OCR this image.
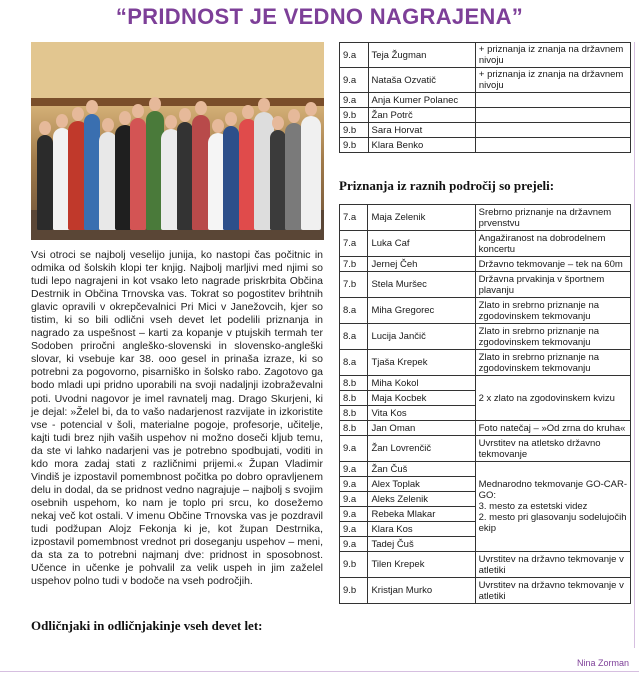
“PRIDNOST JE VEDNO NAGRAJENA”
Vsi otroci se najbolj veselijo junija, ko nastopi čas počitnic in odmika od šolskih klopi ter knjig. Najbolj marljivi med njimi so tudi lepo nagrajeni in kot vsako leto nagrade priskrbita Občina Destrnik in Občina Trnovska vas. Tokrat so pogostitev brihtnih glavic opravili v okrepčevalnici Pri Mici v Janežovcih, kjer so tistim, ki so bili odlični vseh devet let podelili priznanja in nagrado za uspešnost – karti za kopanje v ptujskih termah ter Sodoben priročni angleško-slovenski in slovensko-angleški slovar, ki vsebuje kar 38. ooo gesel in prinaša izraze, ki so potrebni za pogovorno, pisarniško in šolsko rabo. Zagotovo ga bodo mladi upi pridno uporabili na svoji nadaljnji izobraževalni poti. Uvodni nagovor je imel ravnatelj mag. Drago Skurjeni, ki je dejal: »Želel bi, da to vašo nadarjenost razvijate in izkoristite vse - potencial v šoli, materialne pogoje, profesorje, učitelje, kajti tudi brez njih vaših uspehov ni možno doseči kljub temu, da ste vi lahko nadarjeni vas je potrebno spodbujati, voditi in kdo mora zadaj stati z različnimi prijemi.« Župan Vladimir Vindiš je izpostavil pomembnost počitka po dobro opravljenem delu in dodal, da se pridnost vedno nagrajuje – najbolj s svojim osebnih uspehom, ko nam je toplo pri srcu, ko dosežemo nekaj več kot ostali. V imenu Občine Trnovska vas je pozdravil tudi podžupan Alojz Fekonja ki je, kot župan Destrnika, izpostavil pomembnost vrednot pri doseganju uspehov – meni, da sta za to potrebni najmanj dve: pridnost in sposobnost. Učence in učenke je pohvalil za velik uspeh in jim zaželel uspehov polno tudi v bodoče na vseh področjih.
Odličnjaki in odličnjakinje vseh devet let:
9.a	Teja Žugman	+ priznanja iz znanja na državnem nivoju
9.a	Nataša Ozvatič	+ priznanja iz znanja na državnem nivoju
9.a	Anja Kumer Polanec	
9.b	Žan Potrč	
9.b	Sara Horvat	
9.b	Klara Benko	
Priznanja iz raznih področij so prejeli:
7.a	Maja Zelenik	Srebrno priznanje na državnem prvenstvu
7.a	Luka Caf	Angažiranost na dobrodelnem koncertu
7.b	Jernej Čeh	Državno tekmovanje – tek na 60m
7.b	Stela Muršec	Državna prvakinja v športnem plavanju
8.a	Miha Gregorec	Zlato in srebrno priznanje na zgodovinskem tekmovanju
8.a	Lucija Jančič	Zlato in srebrno priznanje na zgodovinskem tekmovanju
8.a	Tjaša Krepek	Zlato in srebrno priznanje na zgodovinskem tekmovanju
8.b	Miha Kokol	2 x zlato na zgodovinskem kvizu
8.b	Maja Kocbek	
8.b	Vita Kos	
8.b	Jan Oman	Foto natečaj – »Od zrna do kruha«
9.a	Žan Lovrenčič	Uvrstitev na atletsko državno tekmovanje
9.a	Žan Čuš	Mednarodno tekmovanje GO-CAR-GO:
3. mesto za estetski videz
2. mesto pri glasovanju sodelujočih ekip
9.a	Alex Toplak	
9.a	Aleks Zelenik	
9.a	Rebeka Mlakar	
9.a	Klara Kos	
9.a	Tadej Čuš	
9.b	Tilen Krepek	Uvrstitev na državno tekmovanje v atletiki
9.b	Kristjan Murko	Uvrstitev na državno tekmovanje v atletiki
Nina Zorman
